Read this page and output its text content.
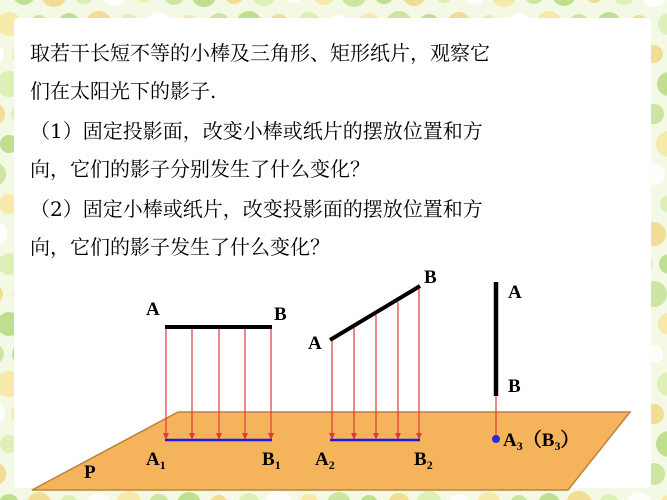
取若干长短不等的小棒及三角形、矩形纸片，观察它
们在太阳光下的影子.
（1）固定投影面，改变小棒或纸片的摆放位置和方
向，它们的影子分别发生了什么变化？
（2）固定小棒或纸片，改变投影面的摆放位置和方
向，它们的影子发生了什么变化？
A	B
$A_1$	$B_1$
A
B
$A_2$	$B_2$
A
B
$A_3(B_3)$
P
